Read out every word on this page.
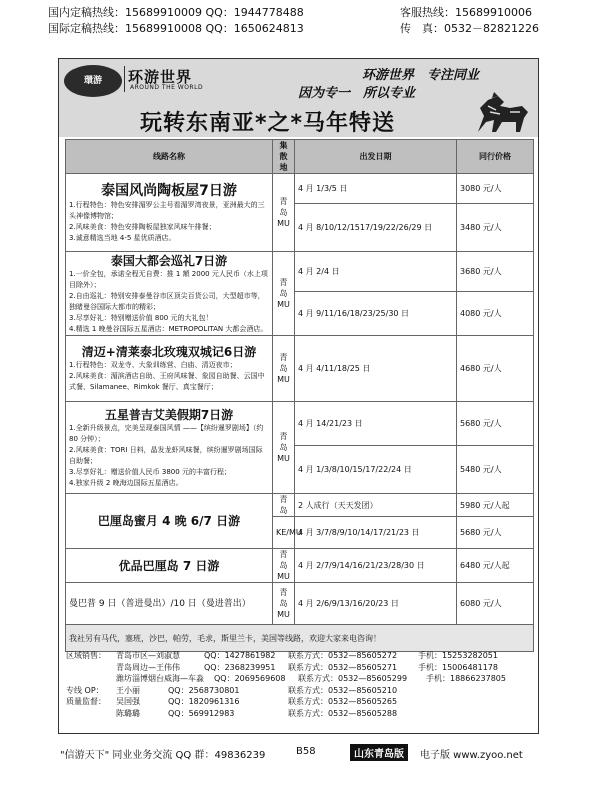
国内定稿热线：15689910009 QQ：1944778488
国际定稿热线：15689910008 QQ：1650624813
客服热线：15689910006
传　真：0532－82821226
環游	环游世界
AROUND THE WORLD
环游世界　专注同业
因为专一　所以专业
玩转东南亚*之*马年特送
线路名称	集散地	出发日期	同行价格

泰国风尚陶板屋7日游
1.行程特色：特色安排湄罗公主号看湄罗湾夜景，亚洲最大的三头神像博物馆；
2.风味美食：特色安排陶板屋独家风味午排餐；
3.诚意精选当地 4-5 星优质酒店。	青岛 MU	4 月 1/3/5 日	3080 元/人
		4 月 8/10/12/1517/19/22/26/29 日	3480 元/人

泰国大都会巡礼7日游
1.一价全包，承诺全程无自费：推 1 額 2000 元人民币（水上项目除外）；
2.自由巡礼：特别安排泰曼谷市区顶尖百货公司，大型超市等，独睹曼谷国际大都市的精彩；
3.尽享好礼：特别赠送价值 800 元的大礼包！
4.精选 1 晚曼谷国际五星酒店：METROPOLITAN 大都会酒店。	青岛 MU	4 月 2/4 日	3680 元/人
		4 月 9/11/16/18/23/25/30 日	4080 元/人

清迈+清莱泰北玫瑰双城记6日游
1.行程特色：双龙寺、大象训练营、白庙、清迈夜市；
2.风味美食：湄滨酒店自助、王府风味餐、象园自助餐、云国中式餐、Silamanee、Rimkok 餐厅、真宝餐厅；	青岛 MU	4 月 4/11/18/25 日	4680 元/人

五星普吉艾美假期7日游
1.全新升级景点，完美呈现泰国风情 ——【缤纷暹罗剧场】（约 80 分钟）；
2.风味美食：TORI 日料，晶发龙虾风味餐，缤纷暹罗剧场国际自助餐；
3.尽享好礼：赠送价值人民币 3800 元的丰富行程；
4.独家升级 2 晚海边国际五星酒店。	青岛 MU	4 月 14/21/23 日	5680 元/人
		4 月 1/3/8/10/15/17/22/24 日	5480 元/人

巴厘岛蜜月 4 晚 6/7 日游	青岛	2 人成行（天天发团）	5980 元/人起
	KE/MU	4 月 3/7/8/9/10/14/17/21/23 日	5680 元/人

优品巴厘岛 7 日游	青岛 MU	4 月 2/7/9/14/16/21/23/28/30 日	6480 元/人起

曼巴普 9 日（普进曼出）/10 日（曼进普出）	青岛 MU	4 月 2/6/9/13/16/20/23 日	6080 元/人
我社另有马代，塞班，沙巴，帕劳，毛求，斯里兰卡，美国等线路，欢迎大家来电咨询！			
区域销售： 青岛市区—刘淑慧	QQ：1427861982 联系方式：0532—85605272	手机：15253282051
青岛周边—王伟伟	QQ：2368239951 联系方式：0532—85605271	手机：15006481178
潍坊淄博烟台威海—车淼 QQ：2069569608 联系方式：0532—85605299 手机：18866237805
专线 OP： 王小丽	QQ：2568730801	联系方式：0532—85605210
质量监督： 吴国强	QQ：1820961316	联系方式：0532—85605265
陈璐璐	QQ：569912983	联系方式：0532—85605288
"信游天下" 同业业务交流 QQ 群：49836239	B58	山东青岛版	电子版 www.zyoo.net
